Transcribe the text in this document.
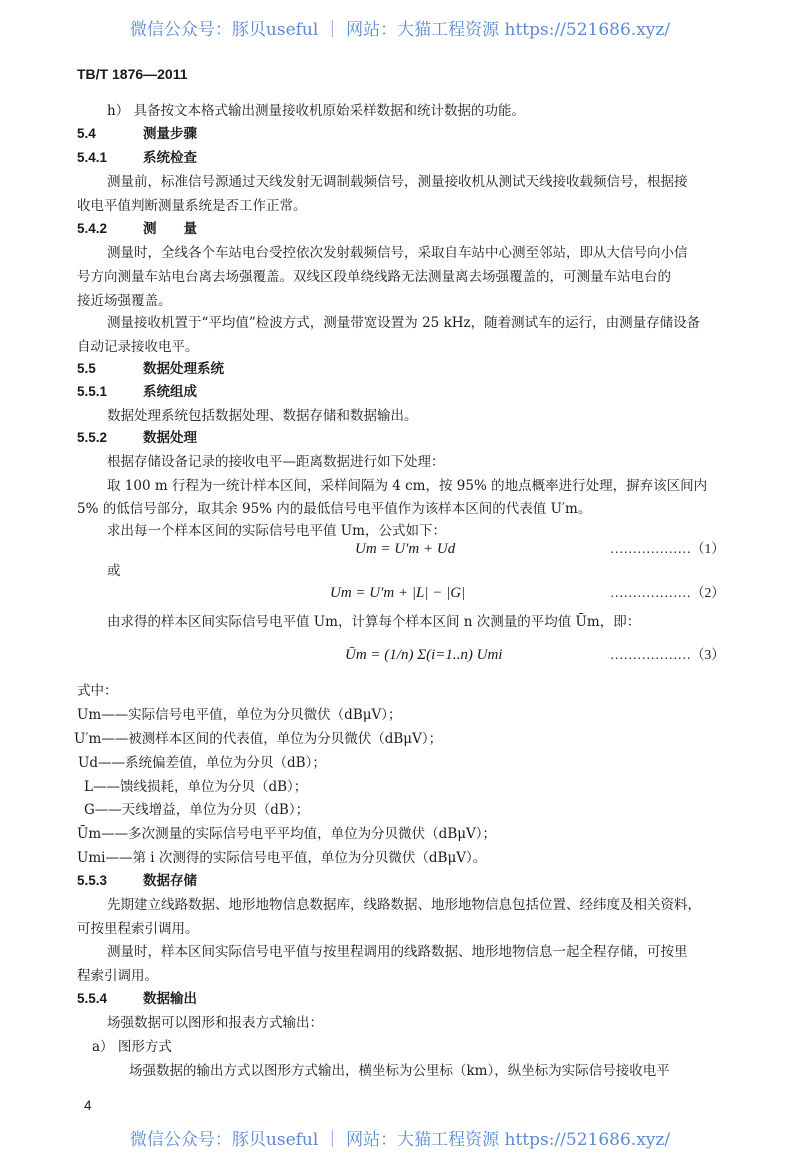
微信公众号：豚贝useful ｜ 网站：大猫工程资源 https://521686.xyz/
TB/T 1876—2011
h） 具备按文本格式输出测量接收机原始采样数据和统计数据的功能。
5.4	测量步骤
5.4.1	系统检查
测量前，标准信号源通过天线发射无调制载频信号，测量接收机从测试天线接收载频信号，根据接
收电平值判断测量系统是否工作正常。
5.4.2	测　　量
测量时，全线各个车站电台受控依次发射载频信号，采取自车站中心测至邻站，即从大信号向小信
号方向测量车站电台离去场强覆盖。双线区段单绕线路无法测量离去场强覆盖的，可测量车站电台的
接近场强覆盖。
测量接收机置于“平均值”检波方式，测量带宽设置为 25 kHz，随着测试车的运行，由测量存储设备
自动记录接收电平。
5.5	数据处理系统
5.5.1	系统组成
数据处理系统包括数据处理、数据存储和数据输出。
5.5.2	数据处理
根据存储设备记录的接收电平—距离数据进行如下处理：
取 100 m 行程为一统计样本区间，采样间隔为 4 cm，按 95% 的地点概率进行处理，摒弃该区间内
5% 的低信号部分，取其余 95% 内的最低信号电平值作为该样本区间的代表值 U′m。
求出每一个样本区间的实际信号电平值 Um，公式如下：
Um = U′m + Ud	………………（1）
或
Um = U′m + |L| − |G|	………………（2）
由求得的样本区间实际信号电平值 Um，计算每个样本区间 n 次测量的平均值 Ūm，即：
Ūm = (1/n) Σ(i=1..n) Umi	………………（3）
式中：
Um——实际信号电平值，单位为分贝微伏（dBμV）；
U′m——被测样本区间的代表值，单位为分贝微伏（dBμV）；
Ud——系统偏差值，单位为分贝（dB）；
L——馈线损耗，单位为分贝（dB）；
G——天线增益，单位为分贝（dB）；
Ūm——多次测量的实际信号电平平均值，单位为分贝微伏（dBμV）；
Umi——第 i 次测得的实际信号电平值，单位为分贝微伏（dBμV）。
5.5.3	数据存储
先期建立线路数据、地形地物信息数据库，线路数据、地形地物信息包括位置、经纬度及相关资料，
可按里程索引调用。
测量时，样本区间实际信号电平值与按里程调用的线路数据、地形地物信息一起全程存储，可按里
程索引调用。
5.5.4	数据输出
场强数据可以图形和报表方式输出：
a） 图形方式
场强数据的输出方式以图形方式输出，横坐标为公里标（km），纵坐标为实际信号接收电平
4
微信公众号：豚贝useful ｜ 网站：大猫工程资源 https://521686.xyz/
